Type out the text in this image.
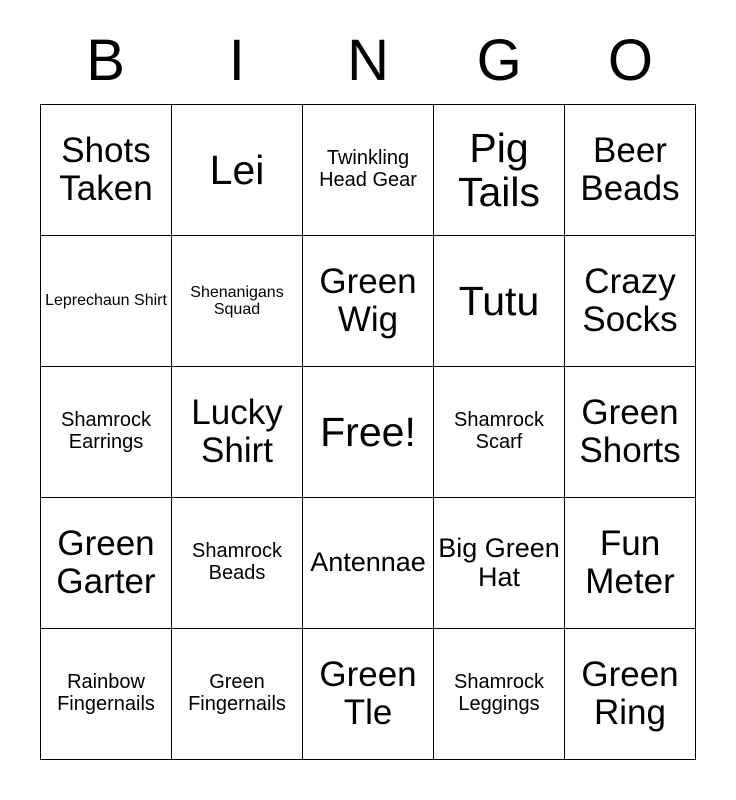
B	I	N	G	O
Shots Taken	Lei	Twinkling Head Gear	Pig Tails	Beer Beads

Leprechaun Shirt	Shenanigans Squad	Green Wig	Tutu	Crazy Socks

Shamrock Earrings	Lucky Shirt	Free!	Shamrock Scarf	Green Shorts

Green Garter	Shamrock Beads	Antennae	Big Green Hat	Fun Meter

Rainbow Fingernails	Green Fingernails	Green Tle	Shamrock Leggings	Green Ring
